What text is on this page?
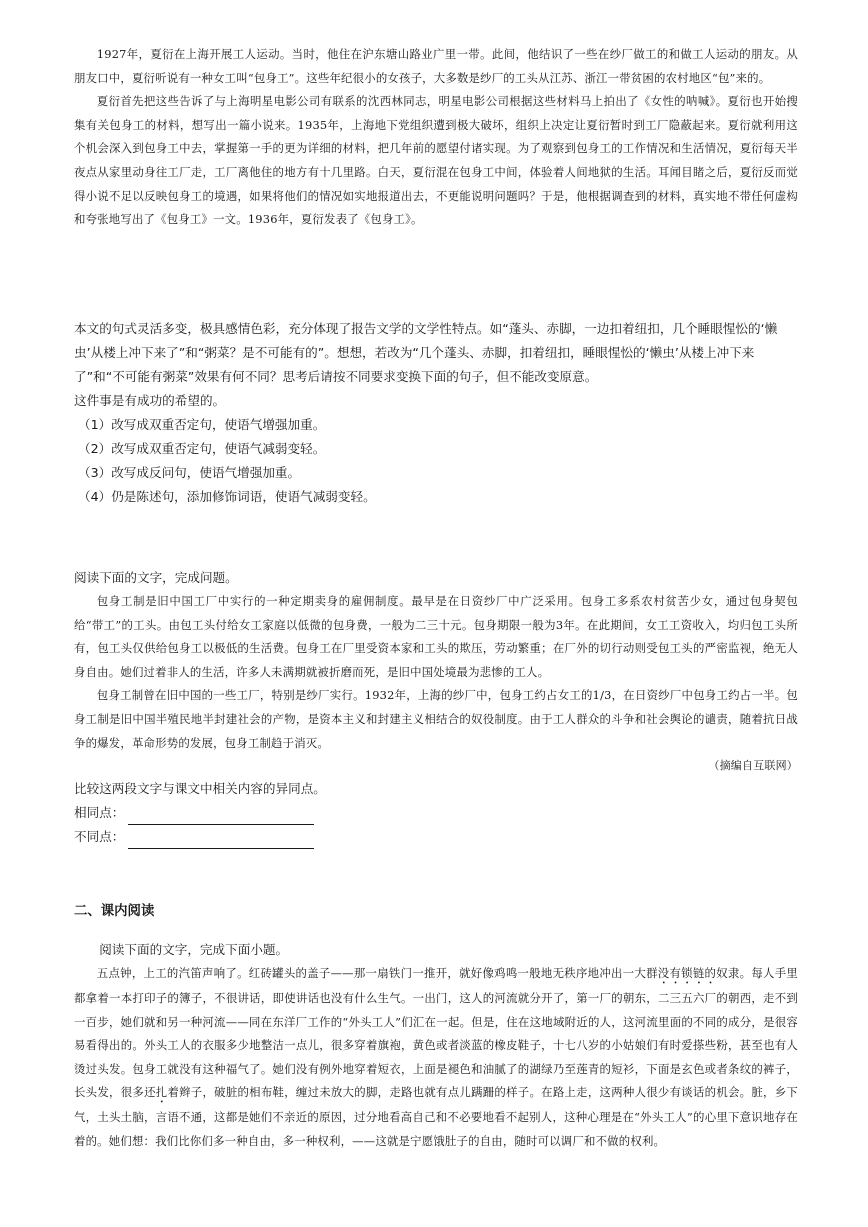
1927年，夏衍在上海开展工人运动。当时，他住在沪东塘山路业广里一带。此间，他结识了一些在纱厂做工的和做工人运动的朋友。从朋友口中，夏衍听说有一种女工叫“包身工”。这些年纪很小的女孩子，大多数是纱厂的工头从江苏、浙江一带贫困的农村地区“包”来的。

夏衍首先把这些告诉了与上海明星电影公司有联系的沈西林同志，明星电影公司根据这些材料马上拍出了《女性的呐喊》。夏衍也开始搜集有关包身工的材料，想写出一篇小说来。1935年，上海地下党组织遭到极大破坏，组织上决定让夏衍暂时到工厂隐蔽起来。夏衍就利用这个机会深入到包身工中去，掌握第一手的更为详细的材料，把几年前的愿望付诸实现。为了观察到包身工的工作情况和生活情况，夏衍每天半夜点从家里动身往工厂走，工厂离他住的地方有十几里路。白天，夏衍混在包身工中间，体验着人间地狱的生活。耳闻目睹之后，夏衍反而觉得小说不足以反映包身工的境遇，如果将他们的情况如实地报道出去，不更能说明问题吗？于是，他根据调查到的材料，真实地不带任何虚构和夸张地写出了《包身工》一文。1936年，夏衍发表了《包身工》。

本文的句式灵活多变，极具感情色彩，充分体现了报告文学的文学性特点。如“蓬头、赤脚，一边扣着纽扣，几个睡眼惺忪的‘懒虫’从楼上冲下来了”和“粥菜？是不可能有的”。想想，若改为“几个蓬头、赤脚，扣着纽扣，睡眼惺忪的‘懒虫’从楼上冲下来了”和“不可能有粥菜”效果有何不同？思考后请按不同要求变换下面的句子，但不能改变原意。

这件事是有成功的希望的。

（1）改写成双重否定句，使语气增强加重。

（2）改写成双重否定句，使语气减弱变轻。

（3）改写成反问句，使语气增强加重。

（4）仍是陈述句，添加修饰词语，使语气减弱变轻。

阅读下面的文字，完成问题。

包身工制是旧中国工厂中实行的一种定期卖身的雇佣制度。最早是在日资纱厂中广泛采用。包身工多系农村贫苦少女，通过包身契包给“带工”的工头。由包工头付给女工家庭以低微的包身费，一般为二三十元。包身期限一般为3年。在此期间，女工工资收入，均归包工头所有，包工头仅供给包身工以极低的生活费。包身工在厂里受资本家和工头的欺压，劳动繁重；在厂外的切行动则受包工头的严密监视，绝无人身自由。她们过着非人的生活，许多人未满期就被折磨而死，是旧中国处境最为悲惨的工人。

包身工制曾在旧中国的一些工厂，特别是纱厂实行。1932年，上海的纱厂中，包身工约占女工的1/3，在日资纱厂中包身工约占一半。包身工制是旧中国半殖民地半封建社会的产物，是资本主义和封建主义相结合的奴役制度。由于工人群众的斗争和社会舆论的谴责，随着抗日战争的爆发，革命形势的发展，包身工制趋于消灭。

（摘编自互联网）

比较这两段文字与课文中相关内容的异同点。

相同点：
不同点：
二、课内阅读

阅读下面的文字，完成下面小题。

五点钟，上工的汽笛声响了。红砖罐头的盖子——那一扇铁门一推开，就好像鸡鸣一般地无秩序地冲出一大群没有锁链的奴隶。每人手里都拿着一本打印子的簿子，不很讲话，即使讲话也没有什么生气。一出门，这人的河流就分开了，第一厂的朝东，二三五六厂的朝西，走不到一百步，她们就和另一种河流——同在东洋厂工作的“外头工人”们汇在一起。但是，住在这地域附近的人，这河流里面的不同的成分，是很容易看得出的。外头工人的衣服多少地整洁一点儿，很多穿着旗袍，黄色或者淡蓝的橡皮鞋子，十七八岁的小姑娘们有时爱搽些粉，甚至也有人烫过头发。包身工就没有这种福气了。她们没有例外地穿着短衣，上面是褪色和油腻了的湖绿乃至莲青的短衫，下面是玄色或者条纹的裤子，长头发，很多还扎着辫子，破脏的相布鞋，缠过未放大的脚，走路也就有点儿蹒跚的样子。在路上走，这两种人很少有谈话的机会。脏，乡下气，土头土脑，言语不通，这都是她们不亲近的原因，过分地看高自己和不必要地看不起别人，这种心理是在“外头工人”的心里下意识地存在着的。她们想：我们比你们多一种自由，多一种权利，——这就是宁愿饿肚子的自由，随时可以调厂和不做的权利。
